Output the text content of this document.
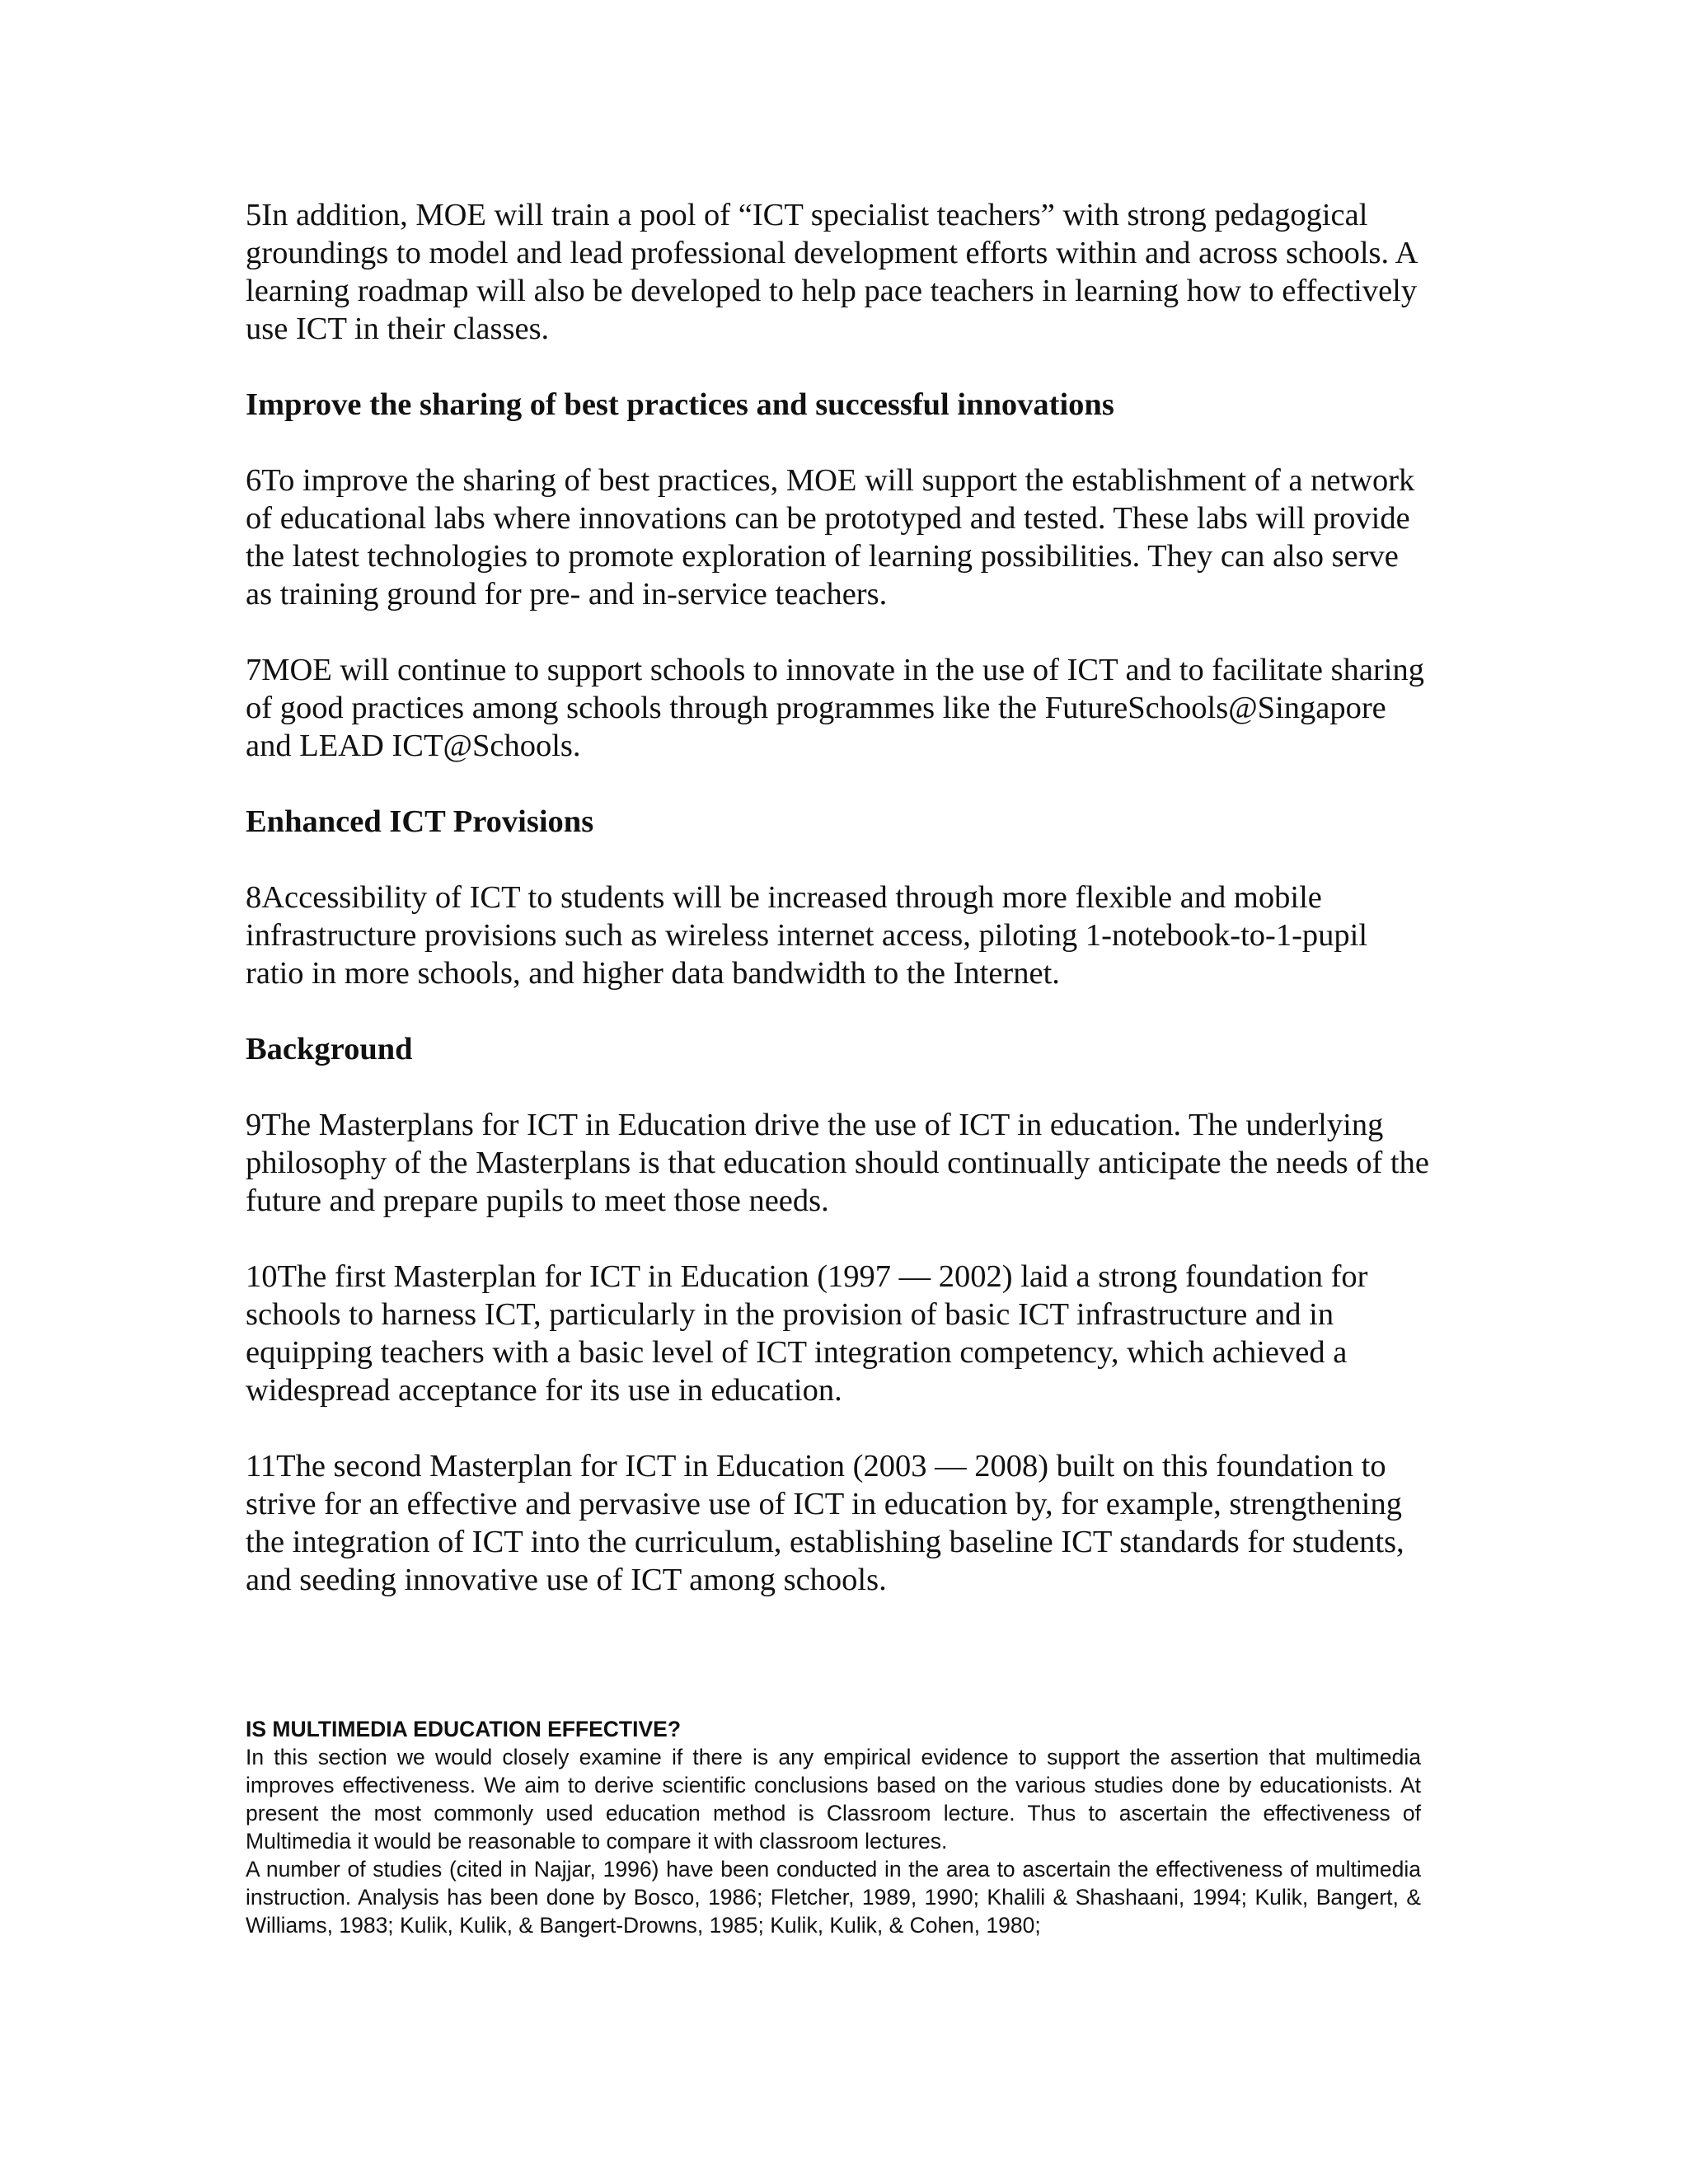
5In addition, MOE will train a pool of “ICT specialist teachers” with strong pedagogical groundings to model and lead professional development efforts within and across schools. A learning roadmap will also be developed to help pace teachers in learning how to effectively use ICT in their classes.

Improve the sharing of best practices and successful innovations

6To improve the sharing of best practices, MOE will support the establishment of a network of educational labs where innovations can be prototyped and tested. These labs will provide the latest technologies to promote exploration of learning possibilities. They can also serve as training ground for pre- and in-service teachers.

7MOE will continue to support schools to innovate in the use of ICT and to facilitate sharing of good practices among schools through programmes like the FutureSchools@Singapore and LEAD ICT@Schools.

Enhanced ICT Provisions

8Accessibility of ICT to students will be increased through more flexible and mobile infrastructure provisions such as wireless internet access, piloting 1-notebook-to-1-pupil ratio in more schools, and higher data bandwidth to the Internet.

Background

9The Masterplans for ICT in Education drive the use of ICT in education. The underlying philosophy of the Masterplans is that education should continually anticipate the needs of the future and prepare pupils to meet those needs.

10The first Masterplan for ICT in Education (1997 — 2002) laid a strong foundation for schools to harness ICT, particularly in the provision of basic ICT infrastructure and in equipping teachers with a basic level of ICT integration competency, which achieved a widespread acceptance for its use in education.

11The second Masterplan for ICT in Education (2003 — 2008) built on this foundation to strive for an effective and pervasive use of ICT in education by, for example, strengthening the integration of ICT into the curriculum, establishing baseline ICT standards for students, and seeding innovative use of ICT among schools.

IS MULTIMEDIA EDUCATION EFFECTIVE?

In this section we would closely examine if there is any empirical evidence to support the assertion that multimedia improves effectiveness. We aim to derive scientific conclusions based on the various studies done by educationists. At present the most commonly used education method is Classroom lecture. Thus to ascertain the effectiveness of Multimedia it would be reasonable to compare it with classroom lectures.

A number of studies (cited in Najjar, 1996) have been conducted in the area to ascertain the effectiveness of multimedia instruction. Analysis has been done by Bosco, 1986; Fletcher, 1989, 1990; Khalili & Shashaani, 1994; Kulik, Bangert, & Williams, 1983; Kulik, Kulik, & Bangert-Drowns, 1985; Kulik, Kulik, & Cohen, 1980;
